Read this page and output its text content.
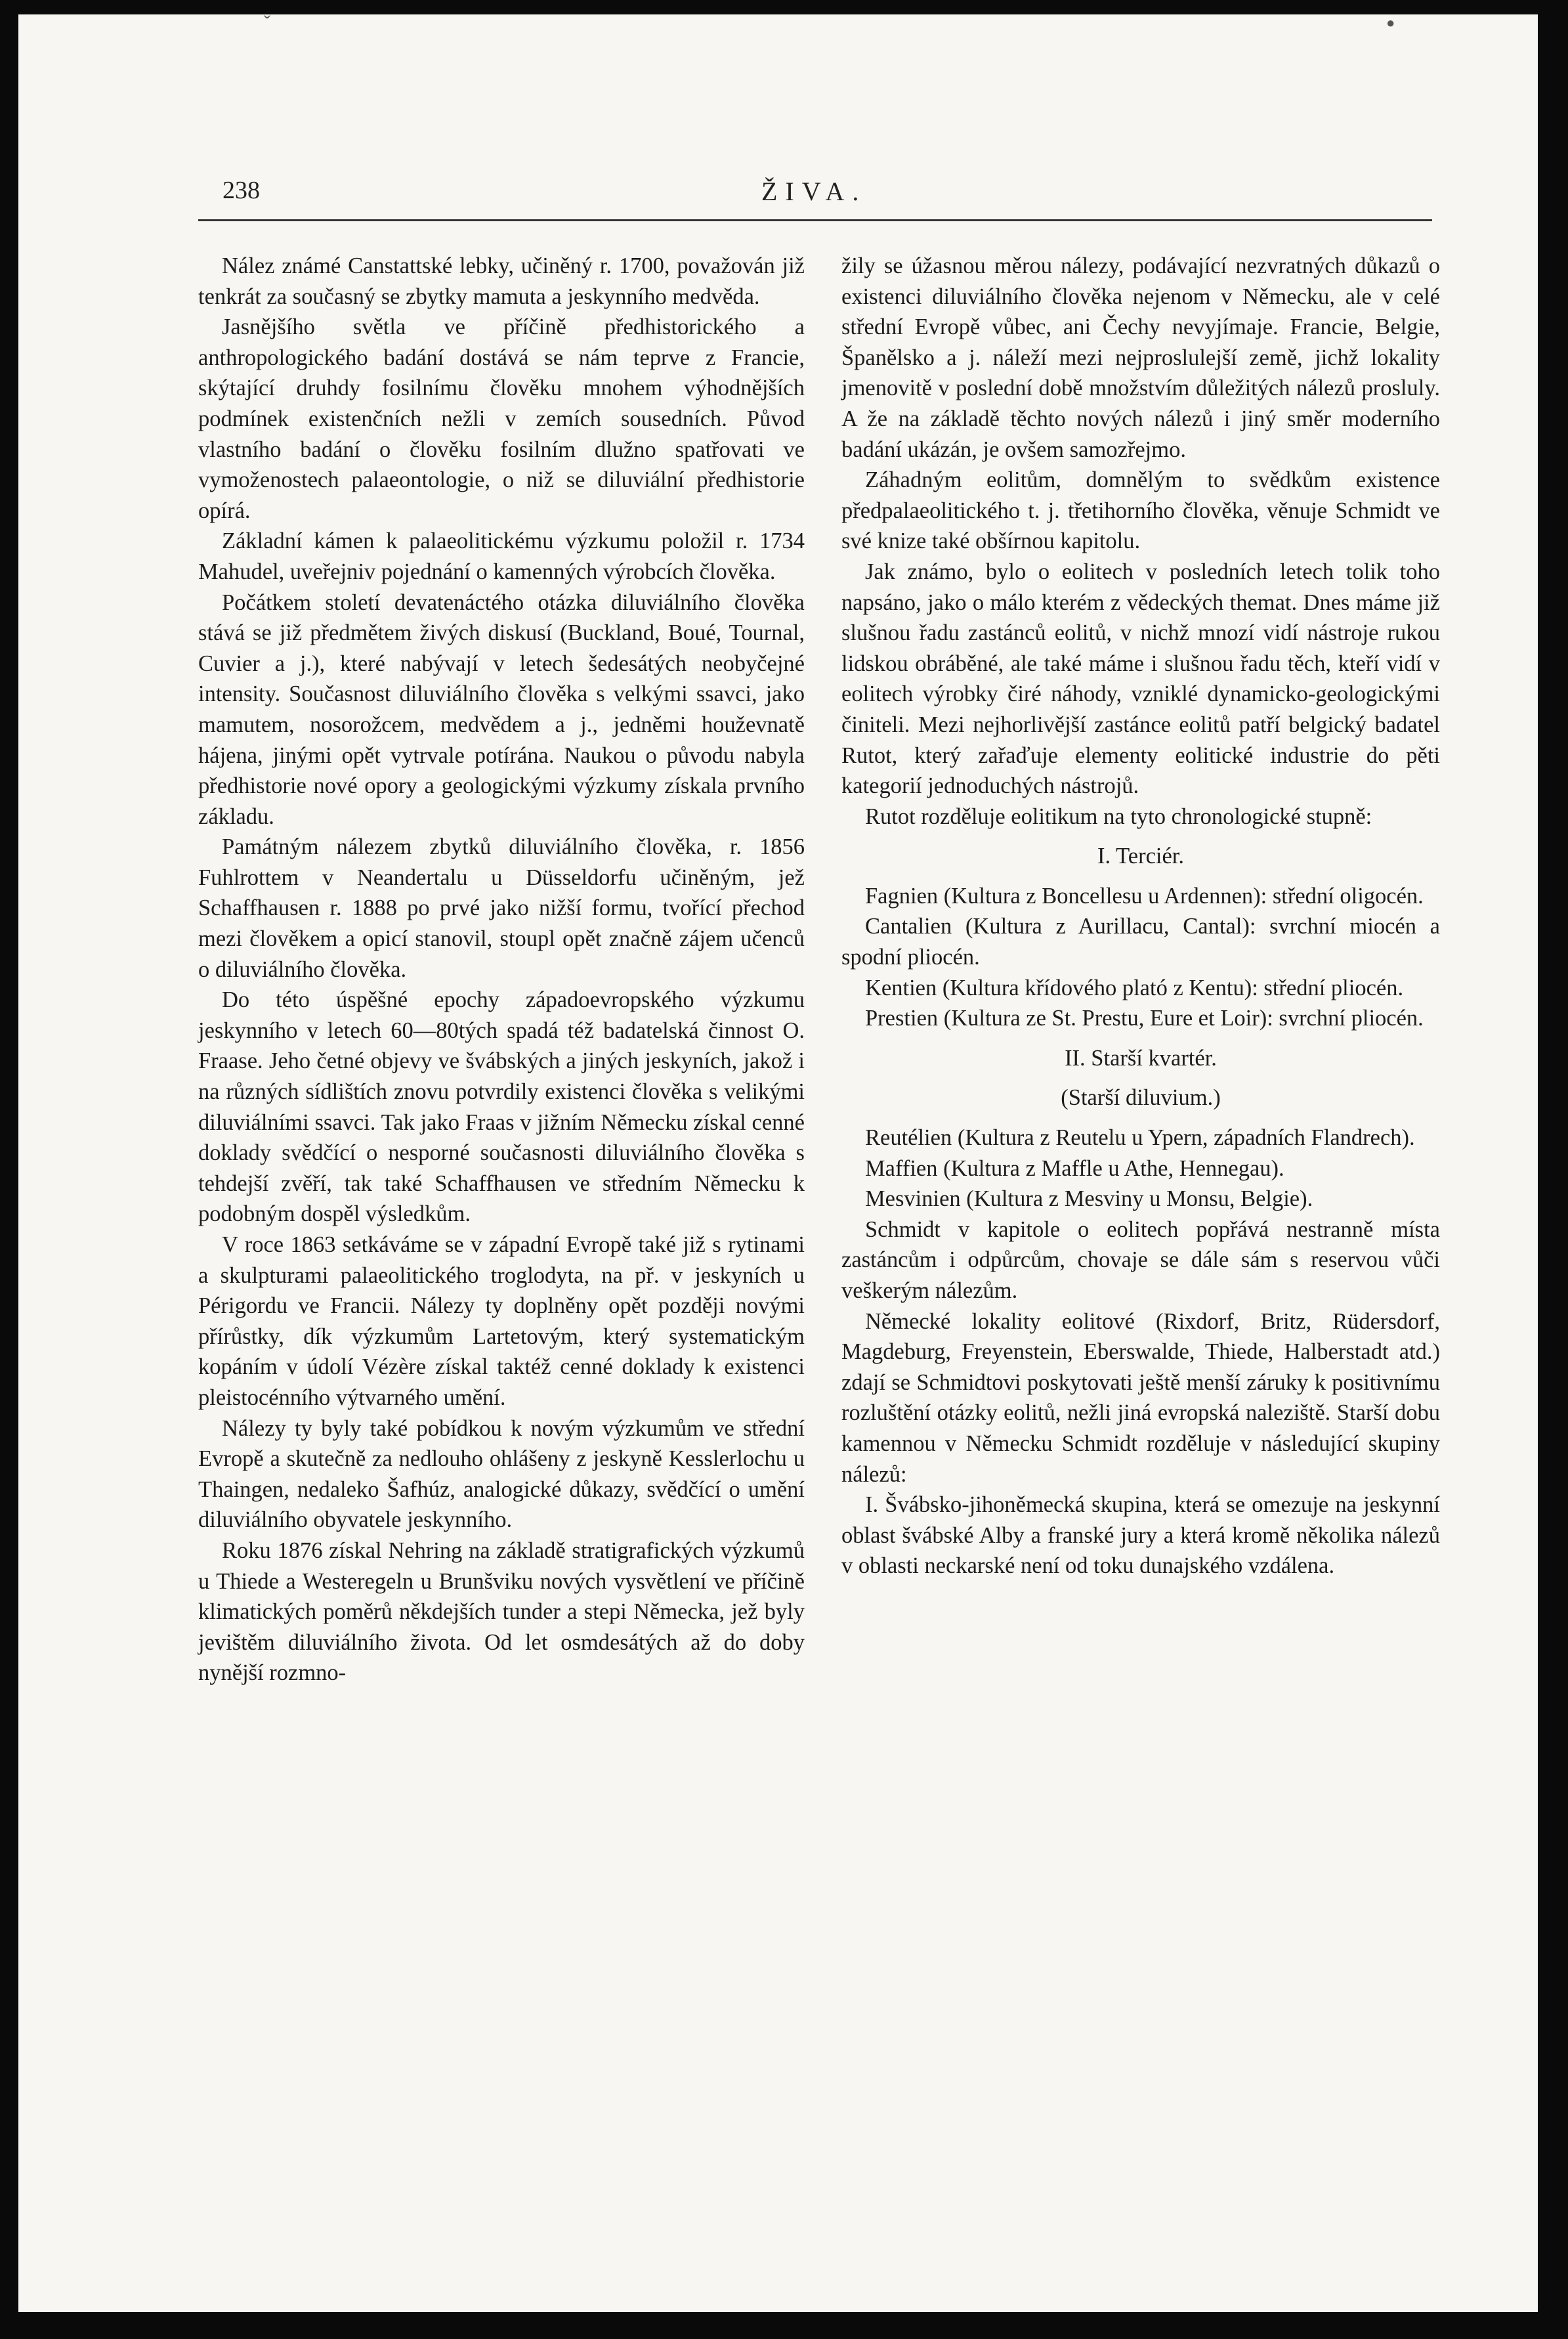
ˇ	●
238	ŽIVA.

Nález známé Canstattské lebky, učiněný r. 1700, považován již tenkrát za současný se zbytky mamuta a jeskynního medvěda.

Jasnějšího světla ve příčině předhistorického a anthropologického badání dostává se nám teprve z Francie, skýtající druhdy fosilnímu člověku mnohem výhodnějších podmínek existenčních nežli v zemích sousedních. Původ vlastního badání o člověku fosilním dlužno spatřovati ve vymoženostech palaeontologie, o niž se diluviální předhistorie opírá.

Základní kámen k palaeolitickému výzkumu položil r. 1734 Mahudel, uveřejniv pojednání o kamenných výrobcích člověka.

Počátkem století devatenáctého otázka diluviálního člověka stává se již předmětem živých diskusí (Buckland, Boué, Tournal, Cuvier a j.), které nabývají v letech šedesátých neobyčejné intensity. Současnost diluviálního člověka s velkými ssavci, jako mamutem, nosorožcem, medvědem a j., jedněmi houževnatě hájena, jinými opět vytrvale potírána. Naukou o původu nabyla předhistorie nové opory a geologickými výzkumy získala prvního základu.

Památným nálezem zbytků diluviálního člověka, r. 1856 Fuhlrottem v Neandertalu u Düsseldorfu učiněným, jež Schaffhausen r. 1888 po prvé jako nižší formu, tvořící přechod mezi člověkem a opicí stanovil, stoupl opět značně zájem učenců o diluviálního člověka.

Do této úspěšné epochy západoevropského výzkumu jeskynního v letech 60—80tých spadá též badatelská činnost O. Fraase. Jeho četné objevy ve švábských a jiných jeskyních, jakož i na různých sídlištích znovu potvrdily existenci člověka s velikými diluviálními ssavci. Tak jako Fraas v jižním Německu získal cenné doklady svědčící o nesporné současnosti diluviálního člověka s tehdejší zvěří, tak také Schaffhausen ve středním Německu k podobným dospěl výsledkům.

V roce 1863 setkáváme se v západní Evropě také již s rytinami a skulpturami palaeolitického troglodyta, na př. v jeskyních u Périgordu ve Francii. Nálezy ty doplněny opět později novými přírůstky, dík výzkumům Lartetovým, který systematickým kopáním v údolí Vézère získal taktéž cenné doklady k existenci pleistocénního výtvarného umění.

Nálezy ty byly také pobídkou k novým výzkumům ve střední Evropě a skutečně za nedlouho ohlášeny z jeskyně Kesslerlochu u Thaingen, nedaleko Šafhúz, analogické důkazy, svědčící o umění diluviálního obyvatele jeskynního.

Roku 1876 získal Nehring na základě stratigrafických výzkumů u Thiede a Westeregeln u Brunšviku nových vysvětlení ve příčině klimatických poměrů někdejších tunder a stepi Německa, jež byly jevištěm diluviálního života. Od let osmdesátých až do doby nynější rozmno-

žily se úžasnou měrou nálezy, podávající nezvratných důkazů o existenci diluviálního člověka nejenom v Německu, ale v celé střední Evropě vůbec, ani Čechy nevyjímaje. Francie, Belgie, Španělsko a j. náleží mezi nejproslulejší země, jichž lokality jmenovitě v poslední době množstvím důležitých nálezů prosluly. A že na základě těchto nových nálezů i jiný směr moderního badání ukázán, je ovšem samozřejmo.

Záhadným eolitům, domnělým to svědkům existence předpalaeolitického t. j. třetihorního člověka, věnuje Schmidt ve své knize také obšírnou kapitolu.

Jak známo, bylo o eolitech v posledních letech tolik toho napsáno, jako o málo kterém z vědeckých themat. Dnes máme již slušnou řadu zastánců eolitů, v nichž mnozí vidí nástroje rukou lidskou obráběné, ale také máme i slušnou řadu těch, kteří vidí v eolitech výrobky čiré náhody, vzniklé dynamicko-geologickými činiteli. Mezi nejhorlivější zastánce eolitů patří belgický badatel Rutot, který zařaďuje elementy eolitické industrie do pěti kategorií jednoduchých nástrojů.

Rutot rozděluje eolitikum na tyto chronologické stupně:

I. Terciér.

Fagnien (Kultura z Boncellesu u Ardennen): střední oligocén.

Cantalien (Kultura z Aurillacu, Cantal): svrchní miocén a spodní pliocén.

Kentien (Kultura křídového plató z Kentu): střední pliocén.

Prestien (Kultura ze St. Prestu, Eure et Loir): svrchní pliocén.

II. Starší kvartér.

(Starší diluvium.)

Reutélien (Kultura z Reutelu u Ypern, západních Flandrech).

Maffien (Kultura z Maffle u Athe, Hennegau).

Mesvinien (Kultura z Mesviny u Monsu, Belgie).

Schmidt v kapitole o eolitech popřává nestranně místa zastáncům i odpůrcům, chovaje se dále sám s reservou vůči veškerým nálezům.

Německé lokality eolitové (Rixdorf, Britz, Rüdersdorf, Magdeburg, Freyenstein, Eberswalde, Thiede, Halberstadt atd.) zdají se Schmidtovi poskytovati ještě menší záruky k positivnímu rozluštění otázky eolitů, nežli jiná evropská naleziště. Starší dobu kamennou v Německu Schmidt rozděluje v následující skupiny nálezů:

I. Švábsko-jihoněmecká skupina, která se omezuje na jeskynní oblast švábské Alby a franské jury a která kromě několika nálezů v oblasti neckarské není od toku dunajského vzdálena.
